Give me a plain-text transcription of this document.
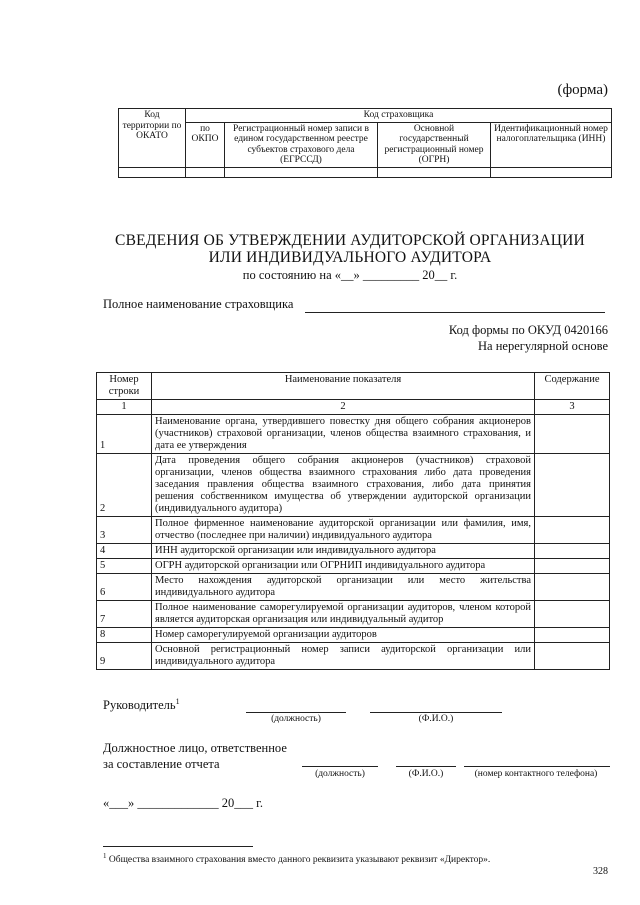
(форма)
Код территории по ОКАТО	Код страховщика			
	по ОКПО	Регистрационный номер записи в едином государственном реестре субъектов страхового дела (ЕГРССД)	Основной государственный регистрационный номер (ОГРН)	Идентификационный номер налогоплательщика (ИНН)

СВЕДЕНИЯ ОБ УТВЕРЖДЕНИИ АУДИТОРСКОЙ ОРГАНИЗАЦИИ
ИЛИ ИНДИВИДУАЛЬНОГО АУДИТОРА
по состоянию на «__» _________ 20__ г.
Полное наименование страховщика
Код формы по ОКУД 0420166
На нерегулярной основе
Номер строки	Наименование показателя	Содержание
1	2	3
1	Наименование органа, утвердившего повестку дня общего собрания акционеров (участников) страховой организации, членов общества взаимного страхования, и дата ее утверждения	
2	Дата проведения общего собрания акционеров (участников) страховой организации, членов общества взаимного страхования либо дата проведения заседания правления общества взаимного страхования, либо дата принятия решения собственником имущества об утверждении аудиторской организации (индивидуального аудитора)	
3	Полное фирменное наименование аудиторской организации или фамилия, имя, отчество (последнее при наличии) индивидуального аудитора	
4	ИНН аудиторской организации или индивидуального аудитора	
5	ОГРН аудиторской организации или ОГРНИП индивидуального аудитора	
6	Место нахождения аудиторской организации или место жительства индивидуального аудитора	
7	Полное наименование саморегулируемой организации аудиторов, членом которой является аудиторская организация или индивидуальный аудитор	
8	Номер саморегулируемой организации аудиторов	
9	Основной регистрационный номер записи аудиторской организации или индивидуального аудитора	
Руководитель$^1$
(должность)	(Ф.И.О.)
Должностное лицо, ответственное
за составление отчета
(должность)	(Ф.И.О.)	(номер контактного телефона)
«___» _____________ 20___ г.
$^1$ Общества взаимного страхования вместо данного реквизита указывают реквизит «Директор».
328
